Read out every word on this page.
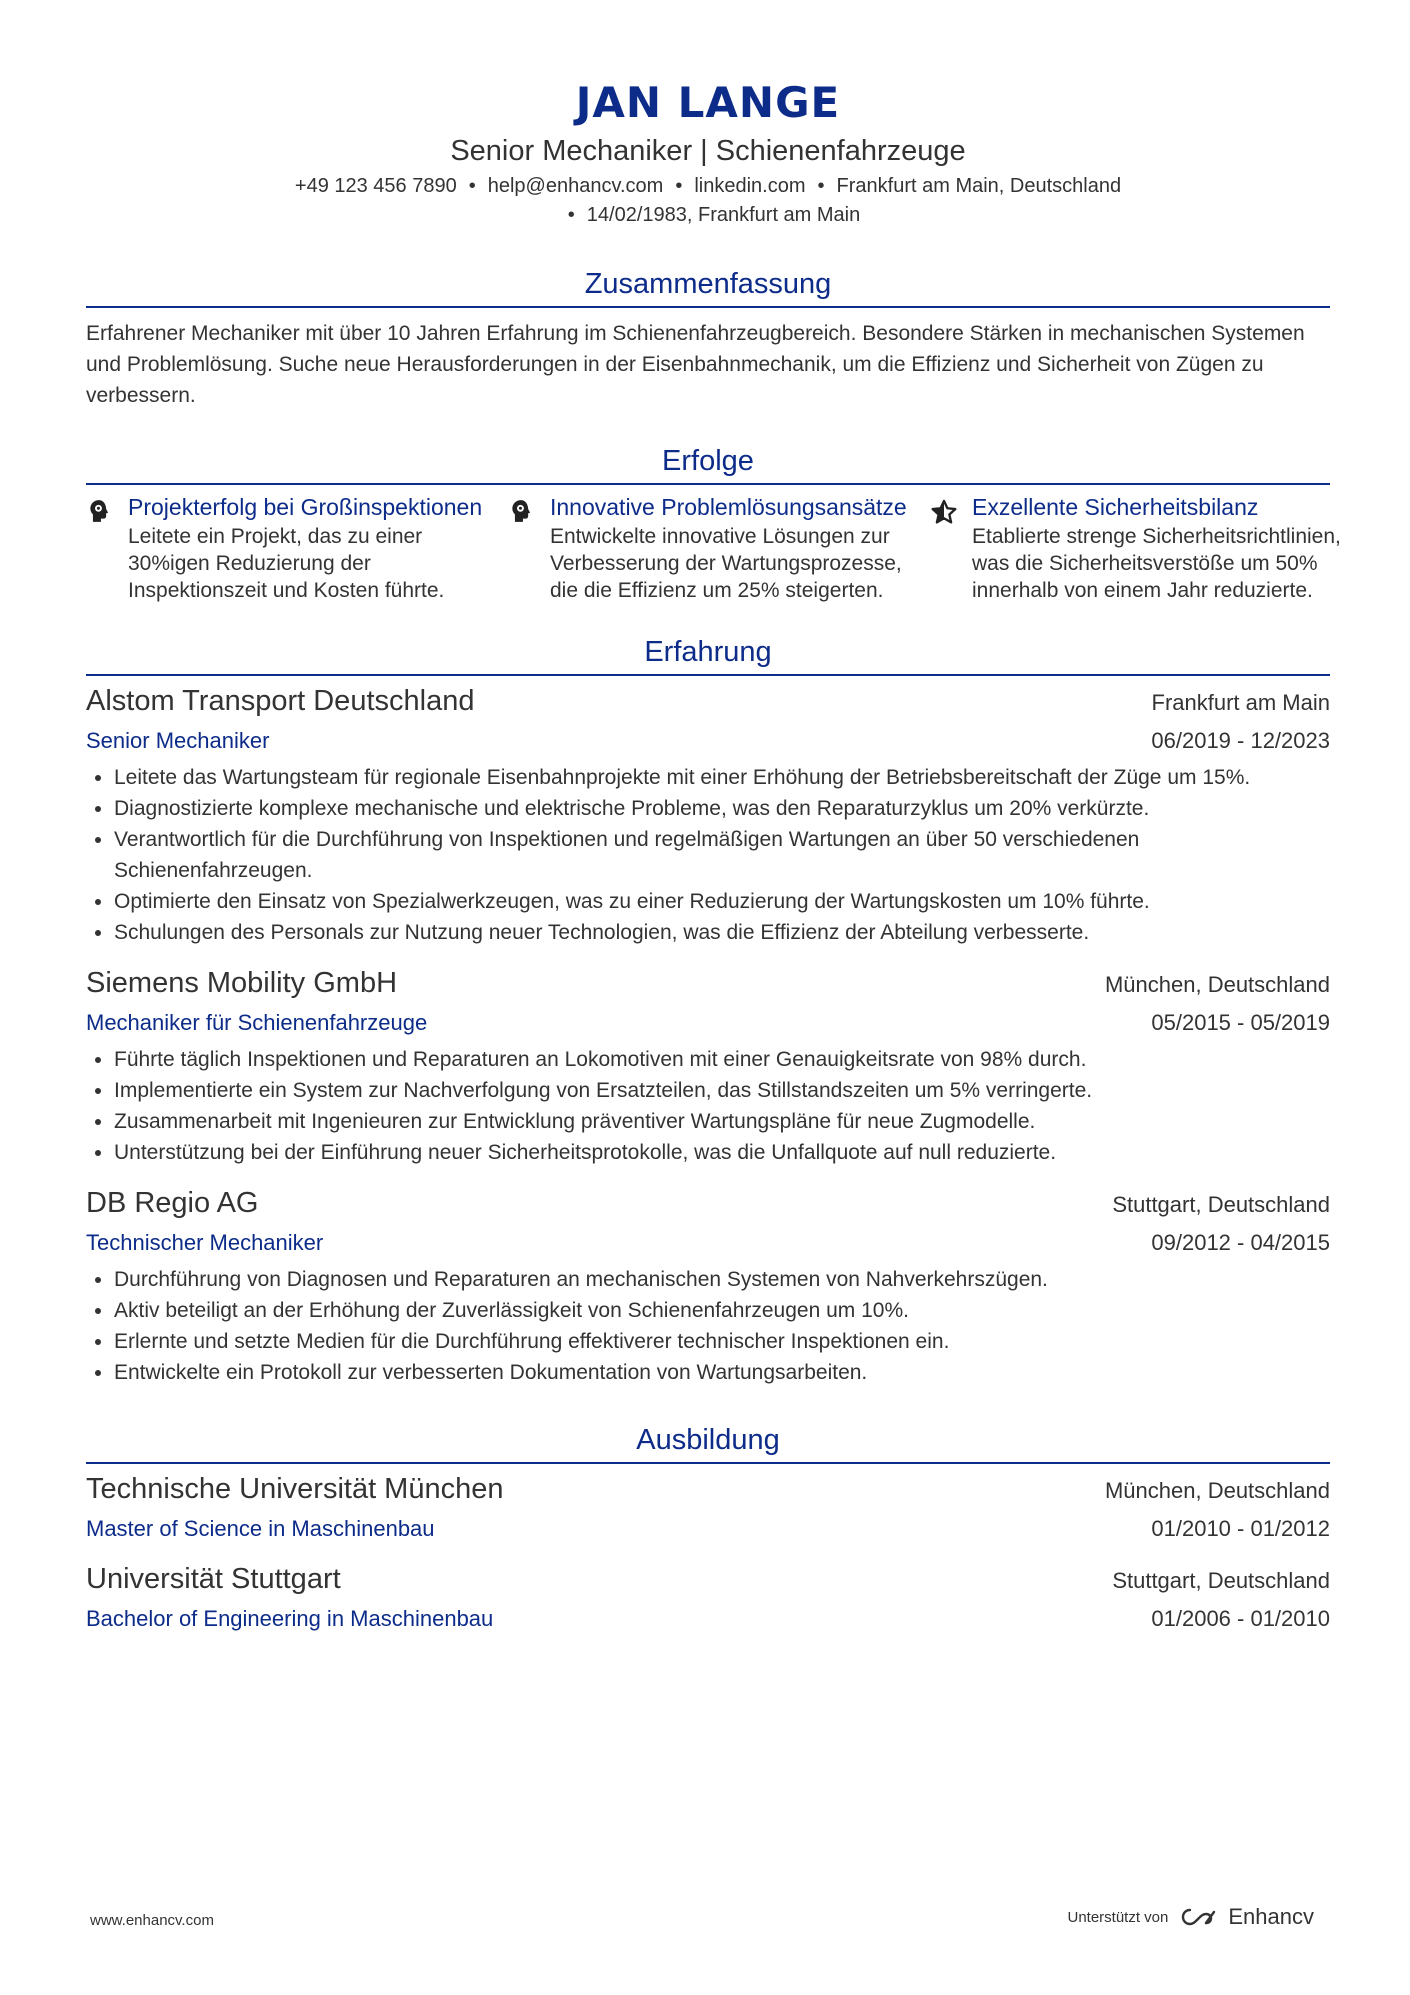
JAN LANGE
Senior Mechaniker | Schienenfahrzeuge
+49 123 456 7890 • help@enhancv.com • linkedin.com • Frankfurt am Main, Deutschland
• 14/02/1983, Frankfurt am Main
Zusammenfassung
Erfahrener Mechaniker mit über 10 Jahren Erfahrung im Schienenfahrzeugbereich. Besondere Stärken in mechanischen Systemen und Problemlösung. Suche neue Herausforderungen in der Eisenbahnmechanik, um die Effizienz und Sicherheit von Zügen zu verbessern.
Erfolge
Projekterfolg bei Großinspektionen
Leitete ein Projekt, das zu einer 30%igen Reduzierung der Inspektionszeit und Kosten führte.
Innovative Problemlösungsansätze
Entwickelte innovative Lösungen zur Verbesserung der Wartungsprozesse, die die Effizienz um 25% steigerten.
Exzellente Sicherheitsbilanz
Etablierte strenge Sicherheitsrichtlinien, was die Sicherheitsverstöße um 50% innerhalb von einem Jahr reduzierte.
Erfahrung
Alstom Transport Deutschland	Frankfurt am Main
Senior Mechaniker	06/2019 - 12/2023
• Leitete das Wartungsteam für regionale Eisenbahnprojekte mit einer Erhöhung der Betriebsbereitschaft der Züge um 15%.
• Diagnostizierte komplexe mechanische und elektrische Probleme, was den Reparaturzyklus um 20% verkürzte.
• Verantwortlich für die Durchführung von Inspektionen und regelmäßigen Wartungen an über 50 verschiedenen Schienenfahrzeugen.
• Optimierte den Einsatz von Spezialwerkzeugen, was zu einer Reduzierung der Wartungskosten um 10% führte.
• Schulungen des Personals zur Nutzung neuer Technologien, was die Effizienz der Abteilung verbesserte.
Siemens Mobility GmbH	München, Deutschland
Mechaniker für Schienenfahrzeuge	05/2015 - 05/2019
• Führte täglich Inspektionen und Reparaturen an Lokomotiven mit einer Genauigkeitsrate von 98% durch.
• Implementierte ein System zur Nachverfolgung von Ersatzteilen, das Stillstandszeiten um 5% verringerte.
• Zusammenarbeit mit Ingenieuren zur Entwicklung präventiver Wartungspläne für neue Zugmodelle.
• Unterstützung bei der Einführung neuer Sicherheitsprotokolle, was die Unfallquote auf null reduzierte.
DB Regio AG	Stuttgart, Deutschland
Technischer Mechaniker	09/2012 - 04/2015
• Durchführung von Diagnosen und Reparaturen an mechanischen Systemen von Nahverkehrszügen.
• Aktiv beteiligt an der Erhöhung der Zuverlässigkeit von Schienenfahrzeugen um 10%.
• Erlernte und setzte Medien für die Durchführung effektiverer technischer Inspektionen ein.
• Entwickelte ein Protokoll zur verbesserten Dokumentation von Wartungsarbeiten.
Ausbildung
Technische Universität München	München, Deutschland
Master of Science in Maschinenbau	01/2010 - 01/2012
Universität Stuttgart	Stuttgart, Deutschland
Bachelor of Engineering in Maschinenbau	01/2006 - 01/2010
www.enhancv.com	Unterstützt von	Enhancv
